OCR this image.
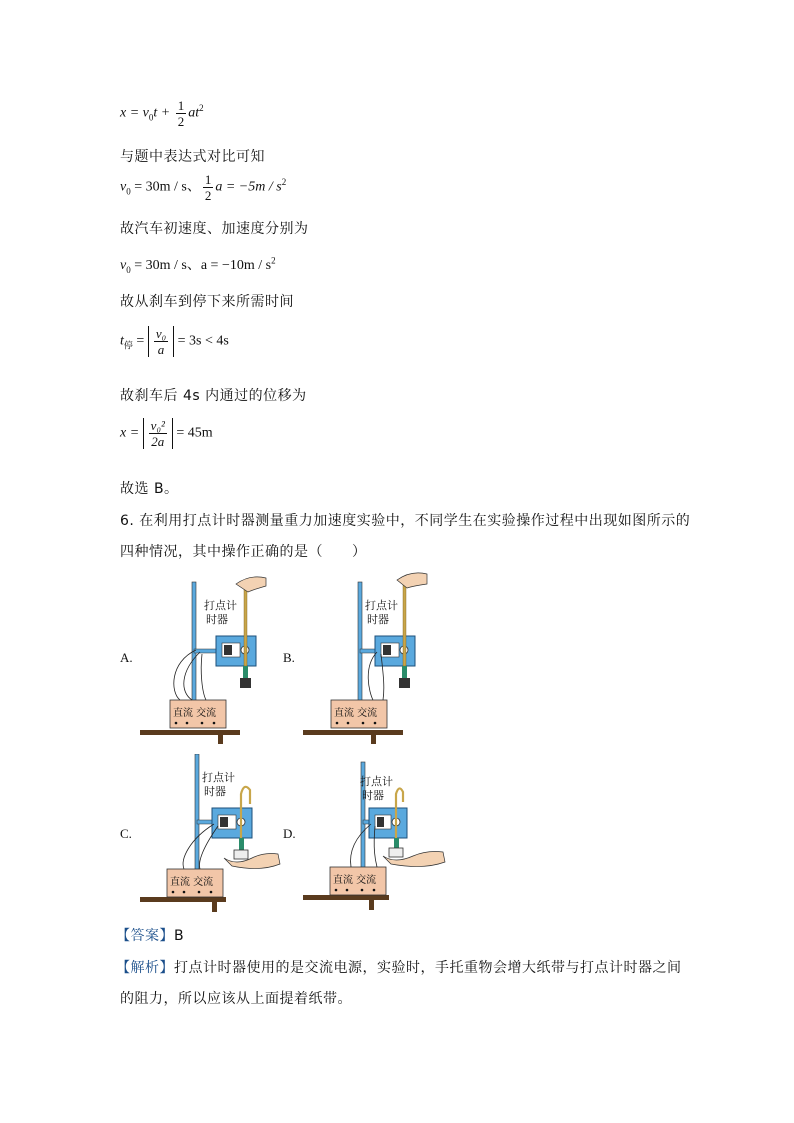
$x = v_0t + \frac{1}{2} at^2$
与题中表达式对比可知
$v_0 = 30m / s$、 $\frac{1}{2}$ $a = -5m / s^2$
故汽车初速度、加速度分别为
$v_0 = 30m / s$、$a = -10m / s^2$
故从刹车到停下来所需时间
$t_停 = \frac{\text{v₀}}{a} = 3s < 4s$
故刹车后 4s 内通过的位移为
$x = \frac{\text{v₀²}}{2a} = 45m$
故选 B。
6. 在利用打点计时器测量重力加速度实验中，不同学生在实验操作过程中出现如图所示的
四种情况，其中操作正确的是（　　）
A.	B.
C.	D.
直流 交流
打点计
时器
直流 交流
打点计
时器
直流 交流
打点计
时器
直流 交流
打点计
时器
【答案】B
【解析】打点计时器使用的是交流电源，实验时，手托重物会增大纸带与打点计时器之间
的阻力，所以应该从上面提着纸带。
